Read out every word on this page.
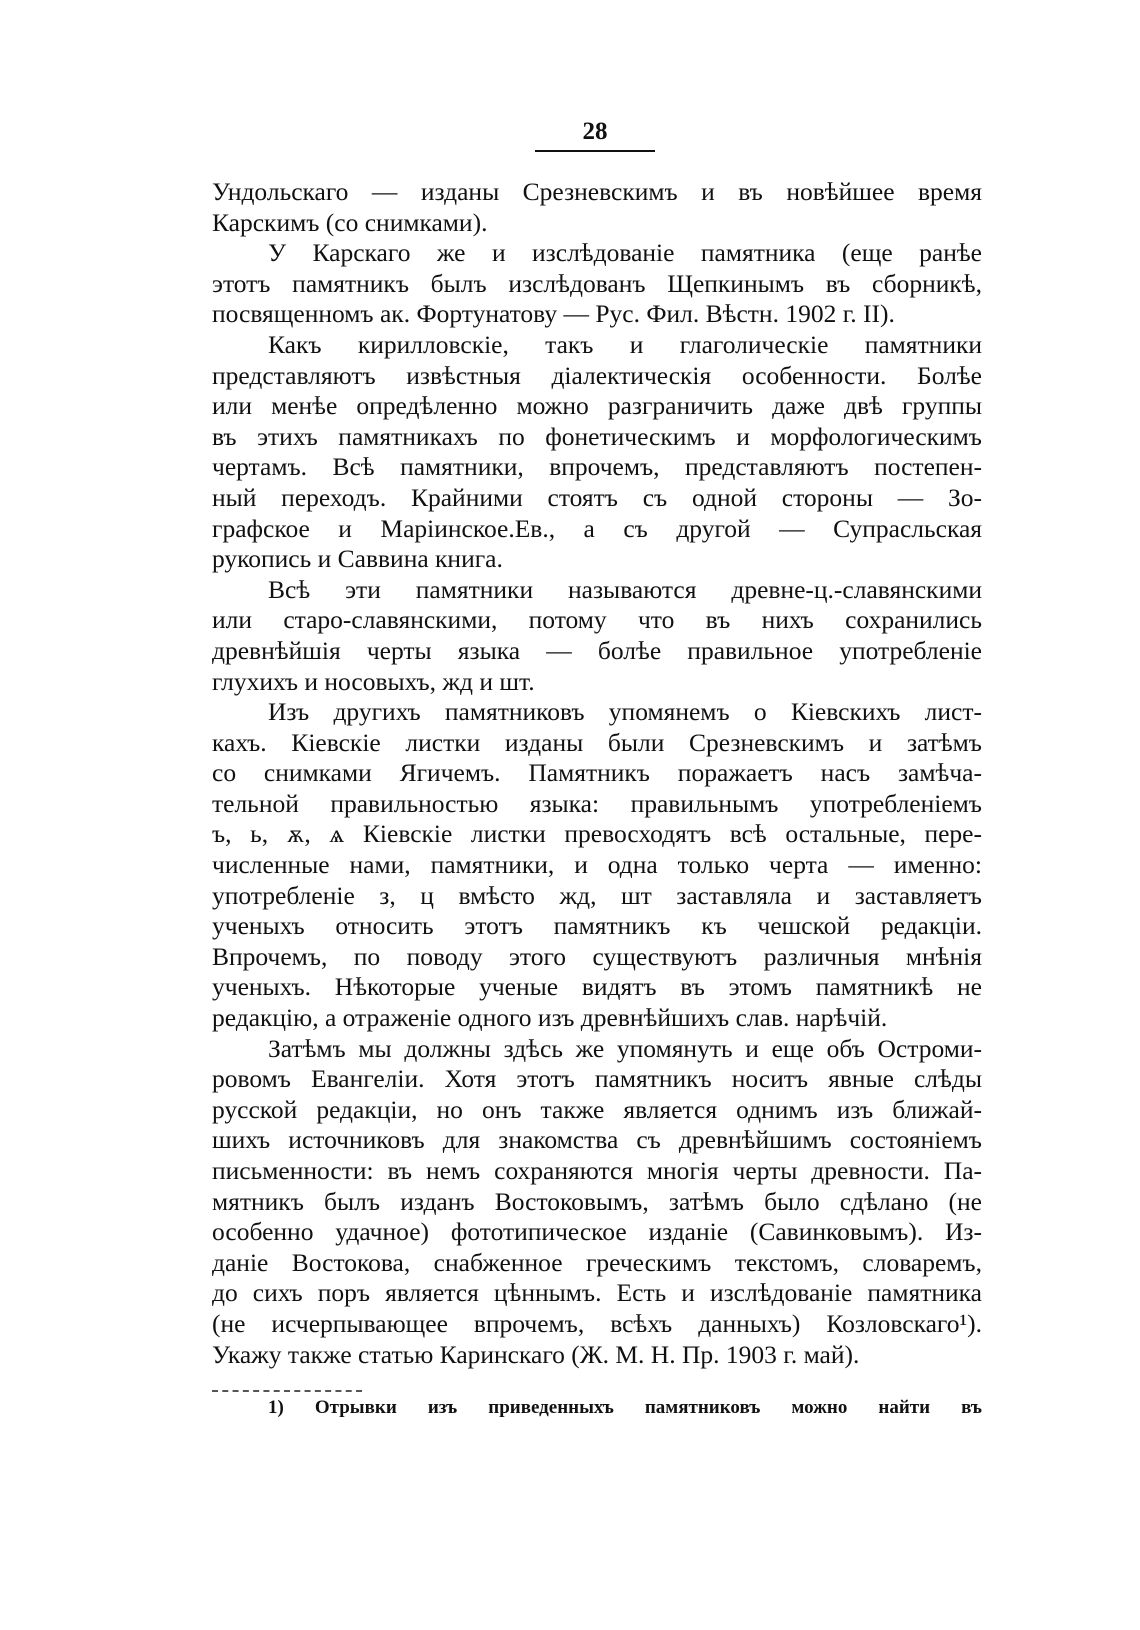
28
Ундольскаго — изданы Срезневскимъ и въ новѣйшее время
Карскимъ (со снимками).
У Карскаго же и изслѣдованіе памятника (еще ранѣе
этотъ памятникъ былъ изслѣдованъ Щепкинымъ въ сборникѣ,
посвященномъ ак. Фортунатову — Рус. Фил. Вѣстн. 1902 г. II).
Какъ кирилловскіе, такъ и глаголическіе памятники
представляютъ извѣстныя діалектическія особенности. Болѣе
или менѣе опредѣленно можно разграничить даже двѣ группы
въ этихъ памятникахъ по фонетическимъ и морфологическимъ
чертамъ. Всѣ памятники, впрочемъ, представляютъ постепен-
ный переходъ. Крайними стоятъ съ одной стороны — Зо-
графское и Маріинское.Ев., а съ другой — Супрасльская
рукопись и Саввина книга.
Всѣ эти памятники называются древне-ц.-славянскими
или старо-славянскими, потому что въ нихъ сохранились
древнѣйшія черты языка — болѣе правильное употребленіе
глухихъ и носовыхъ, жд и шт.
Изъ другихъ памятниковъ упомянемъ о Кіевскихъ лист-
кахъ. Кіевскіе листки изданы были Срезневскимъ и затѣмъ
со снимками Ягичемъ. Памятникъ поражаетъ насъ замѣча-
тельной правильностью языка: правильнымъ употребленіемъ
ъ, ь, ѫ, ѧ Кіевскіе листки превосходятъ всѣ остальные, пере-
численные нами, памятники, и одна только черта — именно:
употребленіе з, ц вмѣсто жд, шт заставляла и заставляетъ
ученыхъ относить этотъ памятникъ къ чешской редакціи.
Впрочемъ, по поводу этого существуютъ различныя мнѣнія
ученыхъ. Нѣкоторые ученые видятъ въ этомъ памятникѣ не
редакцію, а отраженіе одного изъ древнѣйшихъ слав. нарѣчій.
Затѣмъ мы должны здѣсь же упомянуть и еще объ Остроми-
ровомъ Евангеліи. Хотя этотъ памятникъ носитъ явные слѣды
русской редакціи, но онъ также является однимъ изъ ближай-
шихъ источниковъ для знакомства съ древнѣйшимъ состояніемъ
письменности: въ немъ сохраняются многія черты древности. Па-
мятникъ былъ изданъ Востоковымъ, затѣмъ было сдѣлано (не
особенно удачное) фототипическое изданіе (Савинковымъ). Из-
даніе Востокова, снабженное греческимъ текстомъ, словаремъ,
до сихъ поръ является цѣннымъ. Есть и изслѣдованіе памятника
(не исчерпывающее впрочемъ, всѣхъ данныхъ) Козловскаго¹).
Укажу также статью Каринскаго (Ж. М. Н. Пр. 1903 г. май).
1) Отрывки изъ приведенныхъ памятниковъ можно найти въ
